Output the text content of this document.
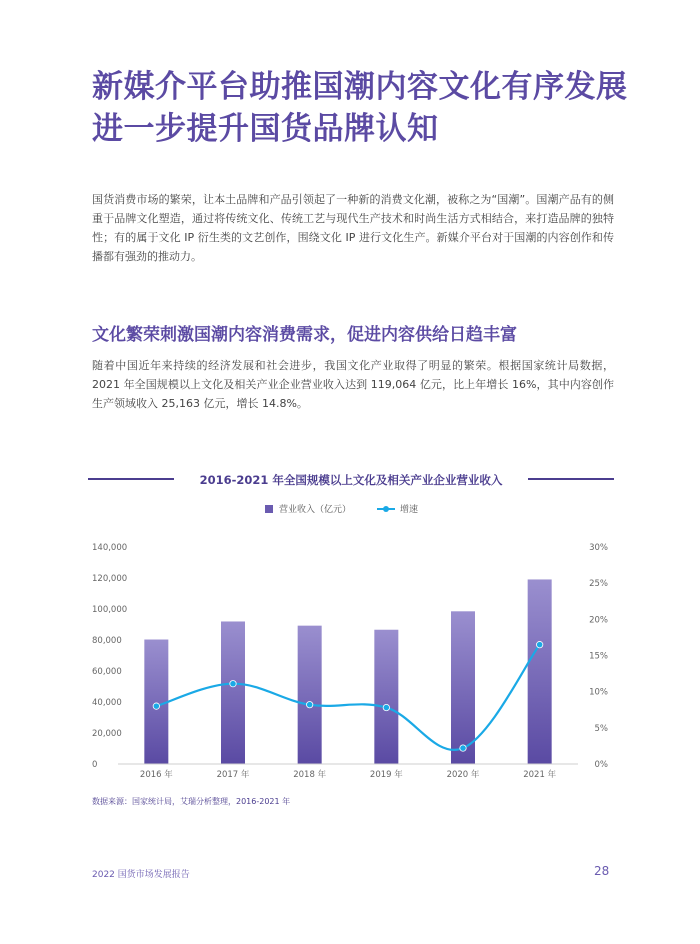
新媒介平台助推国潮内容文化有序发展
进一步提升国货品牌认知
国货消费市场的繁荣，让本土品牌和产品引领起了一种新的消费文化潮，被称之为“国潮”。国潮产品有的侧重于品牌文化塑造，通过将传统文化、传统工艺与现代生产技术和时尚生活方式相结合，来打造品牌的独特性；有的属于文化 IP 衍生类的文艺创作，围绕文化 IP 进行文化生产。新媒介平台对于国潮的内容创作和传播都有强劲的推动力。
文化繁荣刺激国潮内容消费需求，促进内容供给日趋丰富
随着中国近年来持续的经济发展和社会进步，我国文化产业取得了明显的繁荣。根据国家统计局数据，2021 年全国规模以上文化及相关产业企业营业收入达到 119,064 亿元，比上年增长 16%，其中内容创作生产领域收入 25,163 亿元，增长 14.8%。
2016-2021 年全国规模以上文化及相关产业企业营业收入
营业收入（亿元）	增速
140,000
120,000
100,000
80,000
60,000
40,000
20,000
0
30%
25%
20%
15%
10%
5%
0%
2016 年	2017 年	2018 年	2019 年	2020 年	2021 年
数据来源：国家统计局，艾瑞分析整理，2016-2021 年
2022 国货市场发展报告	28
